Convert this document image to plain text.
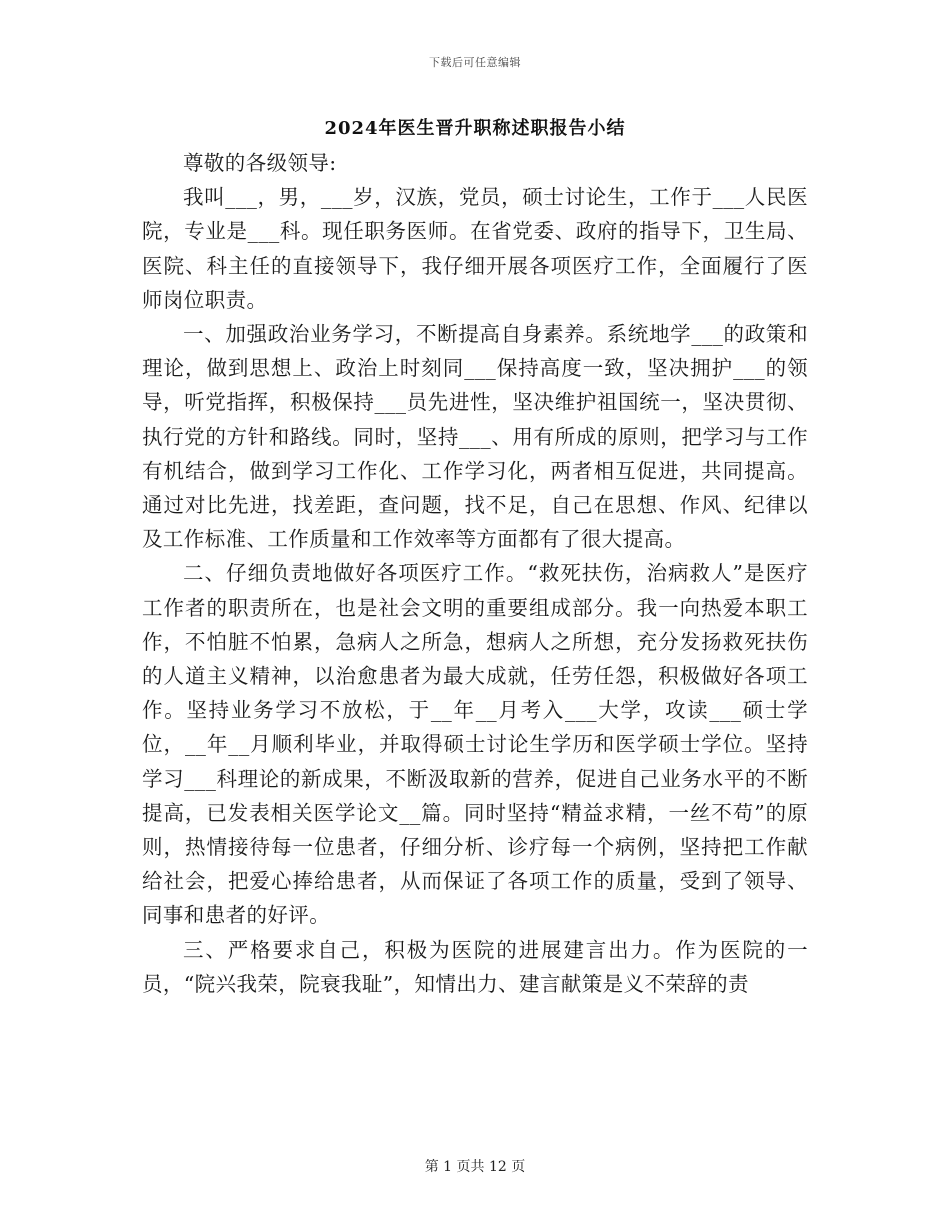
下载后可任意编辑
2024年医生晋升职称述职报告小结

尊敬的各级领导:

我叫___，男，___岁，汉族，党员，硕士讨论生，工作于___人民医院，专业是___科。现任职务医师。在省党委、政府的指导下，卫生局、医院、科主任的直接领导下，我仔细开展各项医疗工作，全面履行了医师岗位职责。

一、加强政治业务学习，不断提高自身素养。系统地学___的政策和理论，做到思想上、政治上时刻同___保持高度一致，坚决拥护___的领导，听党指挥，积极保持___员先进性，坚决维护祖国统一，坚决贯彻、执行党的方针和路线。同时，坚持___、用有所成的原则，把学习与工作有机结合，做到学习工作化、工作学习化，两者相互促进，共同提高。通过对比先进，找差距，查问题，找不足，自己在思想、作风、纪律以及工作标准、工作质量和工作效率等方面都有了很大提高。

二、仔细负责地做好各项医疗工作。“救死扶伤，治病救人”是医疗工作者的职责所在，也是社会文明的重要组成部分。我一向热爱本职工作，不怕脏不怕累，急病人之所急，想病人之所想，充分发扬救死扶伤的人道主义精神，以治愈患者为最大成就，任劳任怨，积极做好各项工作。坚持业务学习不放松，于__年__月考入___大学，攻读___硕士学位，__年__月顺利毕业，并取得硕士讨论生学历和医学硕士学位。坚持学习___科理论的新成果，不断汲取新的营养，促进自己业务水平的不断提高，已发表相关医学论文__篇。同时坚持“精益求精，一丝不苟”的原则，热情接待每一位患者，仔细分析、诊疗每一个病例，坚持把工作献给社会，把爱心捧给患者，从而保证了各项工作的质量，受到了领导、同事和患者的好评。

三、严格要求自己，积极为医院的进展建言出力。作为医院的一员，“院兴我荣，院衰我耻”，知情出力、建言献策是义不荣辞的责

第 1 页共 12 页
